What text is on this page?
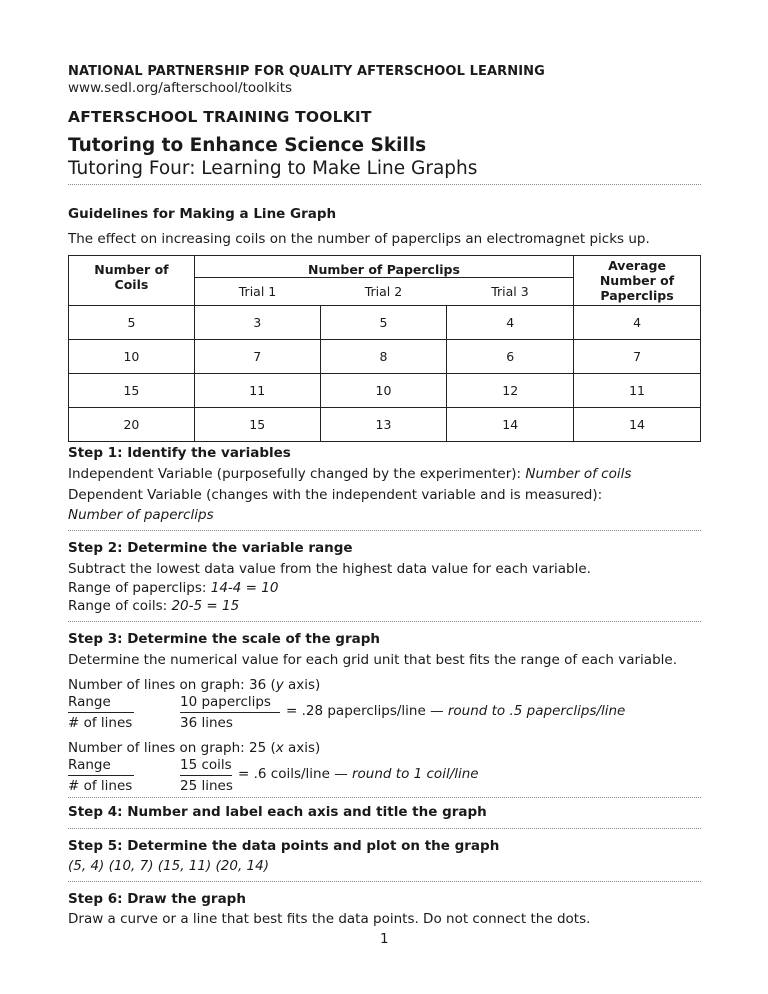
NATIONAL PARTNERSHIP FOR QUALITY AFTERSCHOOL LEARNING
www.sedl.org/afterschool/toolkits
AFTERSCHOOL TRAINING TOOLKIT
Tutoring to Enhance Science Skills
Tutoring Four: Learning to Make Line Graphs
Guidelines for Making a Line Graph
The effect on increasing coils on the number of paperclips an electromagnet picks up.
Number of Coils	Number of Paperclips			Average Number of Paperclips

	Trial 1	Trial 2	Trial 3	
5	3	5	4	4
10	7	8	6	7
15	11	10	12	11
20	15	13	14	14
Step 1: Identify the variables
Independent Variable (purposefully changed by the experimenter): Number of coils
Dependent Variable (changes with the independent variable and is measured):
Number of paperclips
Step 2: Determine the variable range
Subtract the lowest data value from the highest data value for each variable.
Range of paperclips: 14-4 = 10
Range of coils: 20-5 = 15
Step 3: Determine the scale of the graph
Determine the numerical value for each grid unit that best fits the range of each variable.
Number of lines on graph: 36 (y axis)
Range
# of lines
10 paperclips
36 lines
= .28 paperclips/line — round to .5 paperclips/line
Number of lines on graph: 25 (x axis)
Range
# of lines
15 coils
25 lines
= .6 coils/line — round to 1 coil/line
Step 4: Number and label each axis and title the graph
Step 5: Determine the data points and plot on the graph
(5, 4) (10, 7) (15, 11) (20, 14)
Step 6: Draw the graph
Draw a curve or a line that best fits the data points. Do not connect the dots.
1
